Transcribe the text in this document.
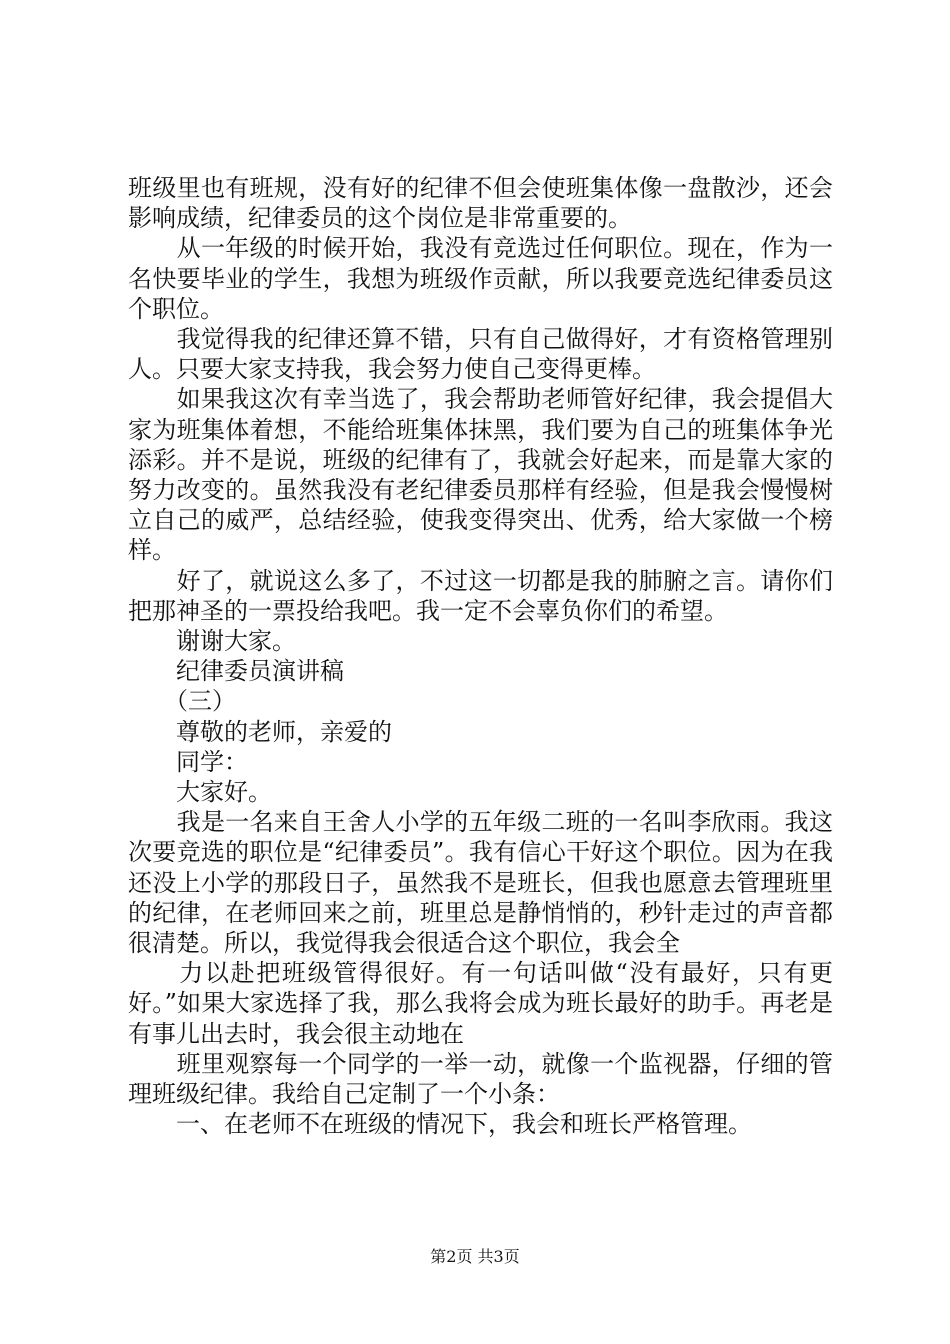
班级里也有班规，没有好的纪律不但会使班集体像一盘散沙，还会影响成绩，纪律委员的这个岗位是非常重要的。

　　从一年级的时候开始，我没有竞选过任何职位。现在，作为一名快要毕业的学生，我想为班级作贡献，所以我要竞选纪律委员这个职位。

　　我觉得我的纪律还算不错，只有自己做得好，才有资格管理别人。只要大家支持我，我会努力使自己变得更棒。

　　如果我这次有幸当选了，我会帮助老师管好纪律，我会提倡大家为班集体着想，不能给班集体抹黑，我们要为自己的班集体争光添彩。并不是说，班级的纪律有了，我就会好起来，而是靠大家的努力改变的。虽然我没有老纪律委员那样有经验，但是我会慢慢树立自己的威严，总结经验，使我变得突出、优秀，给大家做一个榜样。

　　好了，就说这么多了，不过这一切都是我的肺腑之言。请你们把那神圣的一票投给我吧。我一定不会辜负你们的希望。

　　谢谢大家。

　　纪律委员演讲稿

　　（三）

　　尊敬的老师，亲爱的

　　同学：

　　大家好。

　　我是一名来自王舍人小学的五年级二班的一名叫李欣雨。我这次要竞选的职位是“纪律委员”。我有信心干好这个职位。因为在我还没上小学的那段日子，虽然我不是班长，但我也愿意去管理班里的纪律，在老师回来之前，班里总是静悄悄的，秒针走过的声音都很清楚。所以，我觉得我会很适合这个职位，我会全

　　力以赴把班级管得很好。有一句话叫做“没有最好，只有更好。”如果大家选择了我，那么我将会成为班长最好的助手。再老是有事儿出去时，我会很主动地在

　　班里观察每一个同学的一举一动，就像一个监视器，仔细的管理班级纪律。我给自己定制了一个小条：

　　一、在老师不在班级的情况下，我会和班长严格管理。

第2页 共3页
